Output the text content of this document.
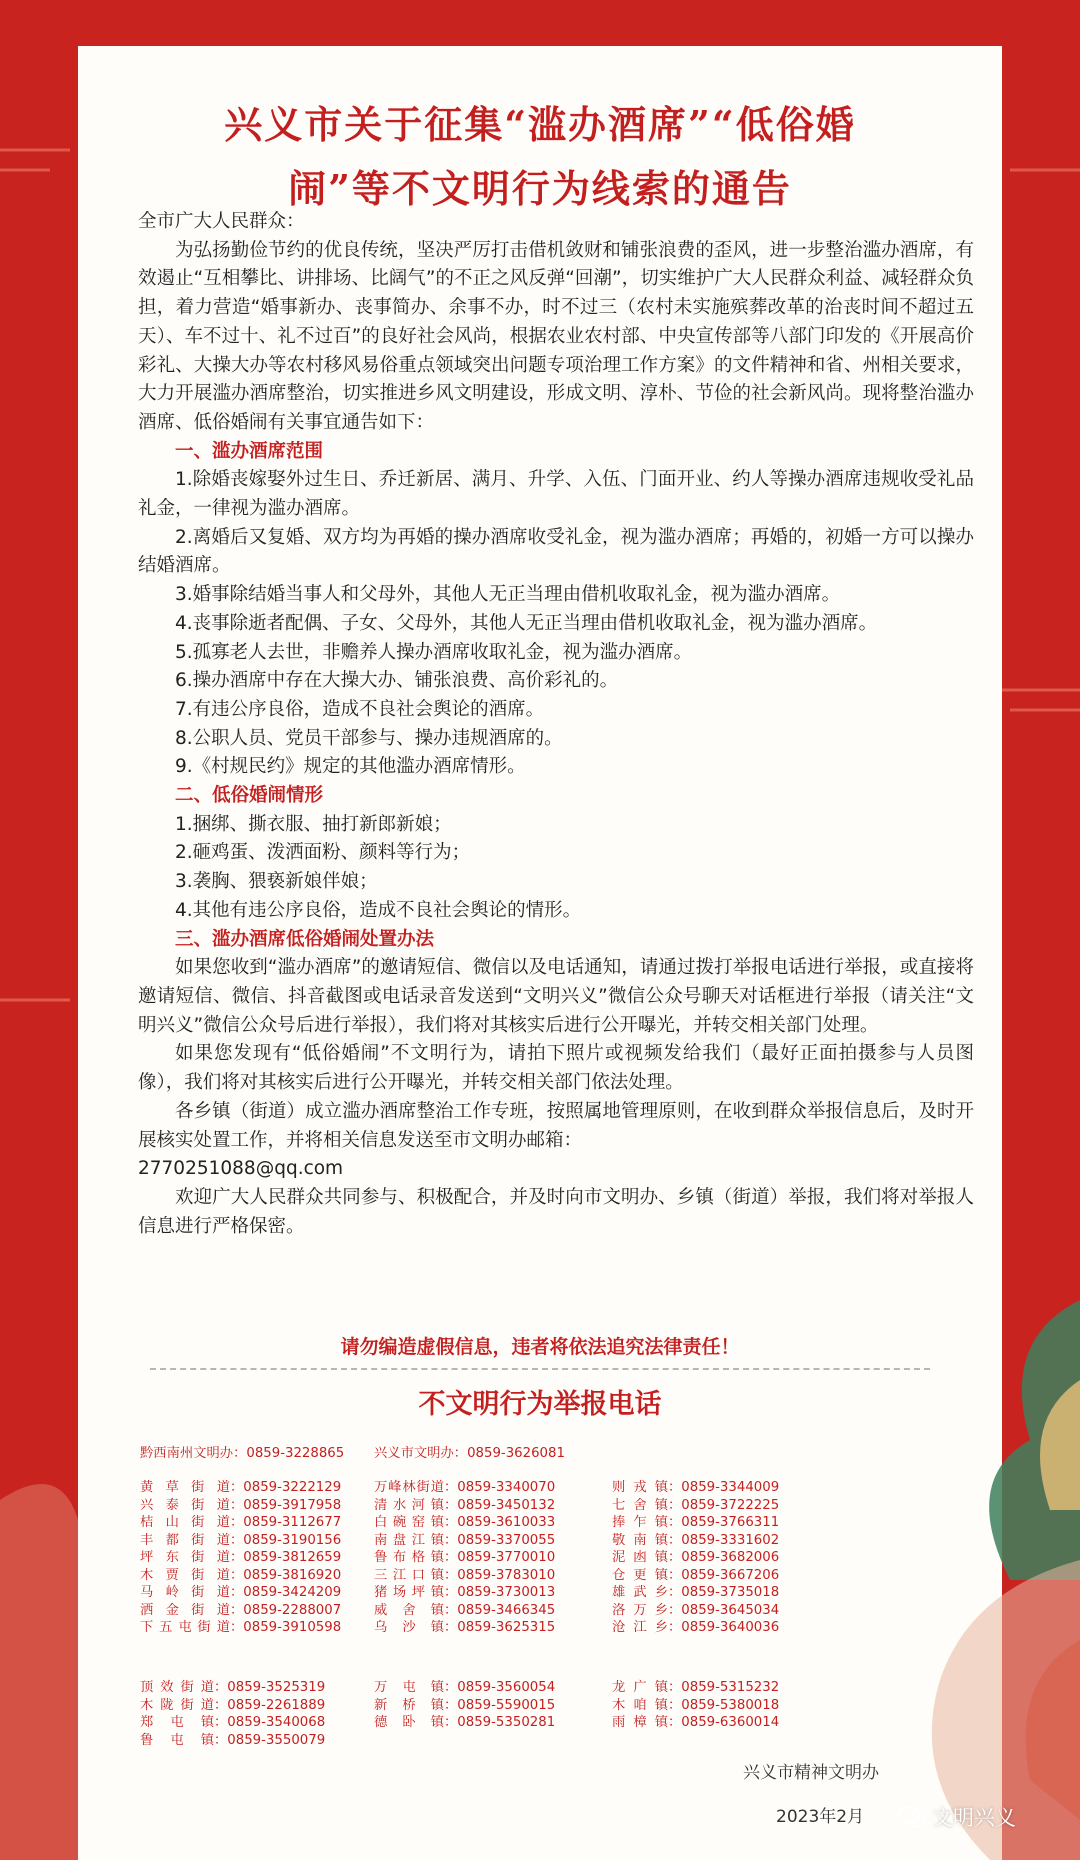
兴义市关于征集“滥办酒席”“低俗婚
闹”等不文明行为线索的通告

全市广大人民群众：

为弘扬勤俭节约的优良传统，坚决严厉打击借机敛财和铺张浪费的歪风，进一步整治滥办酒席，有效遏止“互相攀比、讲排场、比阔气”的不正之风反弹“回潮”，切实维护广大人民群众利益、减轻群众负担，着力营造“婚事新办、丧事简办、余事不办，时不过三（农村未实施殡葬改革的治丧时间不超过五天）、车不过十、礼不过百”的良好社会风尚，根据农业农村部、中央宣传部等八部门印发的《开展高价彩礼、大操大办等农村移风易俗重点领域突出问题专项治理工作方案》的文件精神和省、州相关要求，大力开展滥办酒席整治，切实推进乡风文明建设，形成文明、淳朴、节俭的社会新风尚。现将整治滥办酒席、低俗婚闹有关事宜通告如下：

一、滥办酒席范围

1.除婚丧嫁娶外过生日、乔迁新居、满月、升学、入伍、门面开业、约人等操办酒席违规收受礼品礼金，一律视为滥办酒席。

2.离婚后又复婚、双方均为再婚的操办酒席收受礼金，视为滥办酒席；再婚的，初婚一方可以操办结婚酒席。

3.婚事除结婚当事人和父母外，其他人无正当理由借机收取礼金，视为滥办酒席。

4.丧事除逝者配偶、子女、父母外，其他人无正当理由借机收取礼金，视为滥办酒席。

5.孤寡老人去世，非赡养人操办酒席收取礼金，视为滥办酒席。

6.操办酒席中存在大操大办、铺张浪费、高价彩礼的。

7.有违公序良俗，造成不良社会舆论的酒席。

8.公职人员、党员干部参与、操办违规酒席的。

9.《村规民约》规定的其他滥办酒席情形。

二、低俗婚闹情形

1.捆绑、撕衣服、抽打新郎新娘；

2.砸鸡蛋、泼洒面粉、颜料等行为；

3.袭胸、猥亵新娘伴娘；

4.其他有违公序良俗，造成不良社会舆论的情形。

三、滥办酒席低俗婚闹处置办法

如果您收到“滥办酒席”的邀请短信、微信以及电话通知，请通过拨打举报电话进行举报，或直接将邀请短信、微信、抖音截图或电话录音发送到“文明兴义”微信公众号聊天对话框进行举报（请关注“文明兴义”微信公众号后进行举报），我们将对其核实后进行公开曝光，并转交相关部门处理。

如果您发现有“低俗婚闹”不文明行为，请拍下照片或视频发给我们（最好正面拍摄参与人员图像），我们将对其核实后进行公开曝光，并转交相关部门依法处理。

各乡镇（街道）成立滥办酒席整治工作专班，按照属地管理原则，在收到群众举报信息后，及时开展核实处置工作，并将相关信息发送至市文明办邮箱：

2770251088@qq.com

欢迎广大人民群众共同参与、积极配合，并及时向市文明办、乡镇（街道）举报，我们将对举报人信息进行严格保密。

请勿编造虚假信息，违者将依法追究法律责任！
不文明行为举报电话
黔西南州文明办：0859-3228865 兴义市文明办：0859-3626081
黄草街道：0859-3222129
兴泰街道：0859-3917958
桔山街道：0859-3112677
丰都街道：0859-3190156
坪东街道：0859-3812659
木贾街道：0859-3816920
马岭街道：0859-3424209
洒金街道：0859-2288007
下五屯街道：0859-3910598
万峰林街道：0859-3340070
清水河镇：0859-3450132
白碗窑镇：0859-3610033
南盘江镇：0859-3370055
鲁布格镇：0859-3770010
三江口镇：0859-3783010
猪场坪镇：0859-3730013
威舍镇：0859-3466345
乌沙镇：0859-3625315
则戎镇：0859-3344009
七舍镇：0859-3722225
捧乍镇：0859-3766311
敬南镇：0859-3331602
泥凼镇：0859-3682006
仓更镇：0859-3667206
雄武乡：0859-3735018
洛万乡：0859-3645034
沧江乡：0859-3640036
顶效街道：0859-3525319
木陇街道：0859-2261889
郑屯镇：0859-3540068
鲁屯镇：0859-3550079
万屯镇：0859-3560054
新桥镇：0859-5590015
德卧镇：0859-5350281
龙广镇：0859-5315232
木咱镇：0859-5380018
雨樟镇：0859-6360014
兴义市精神文明办
2023年2月	文明兴义
